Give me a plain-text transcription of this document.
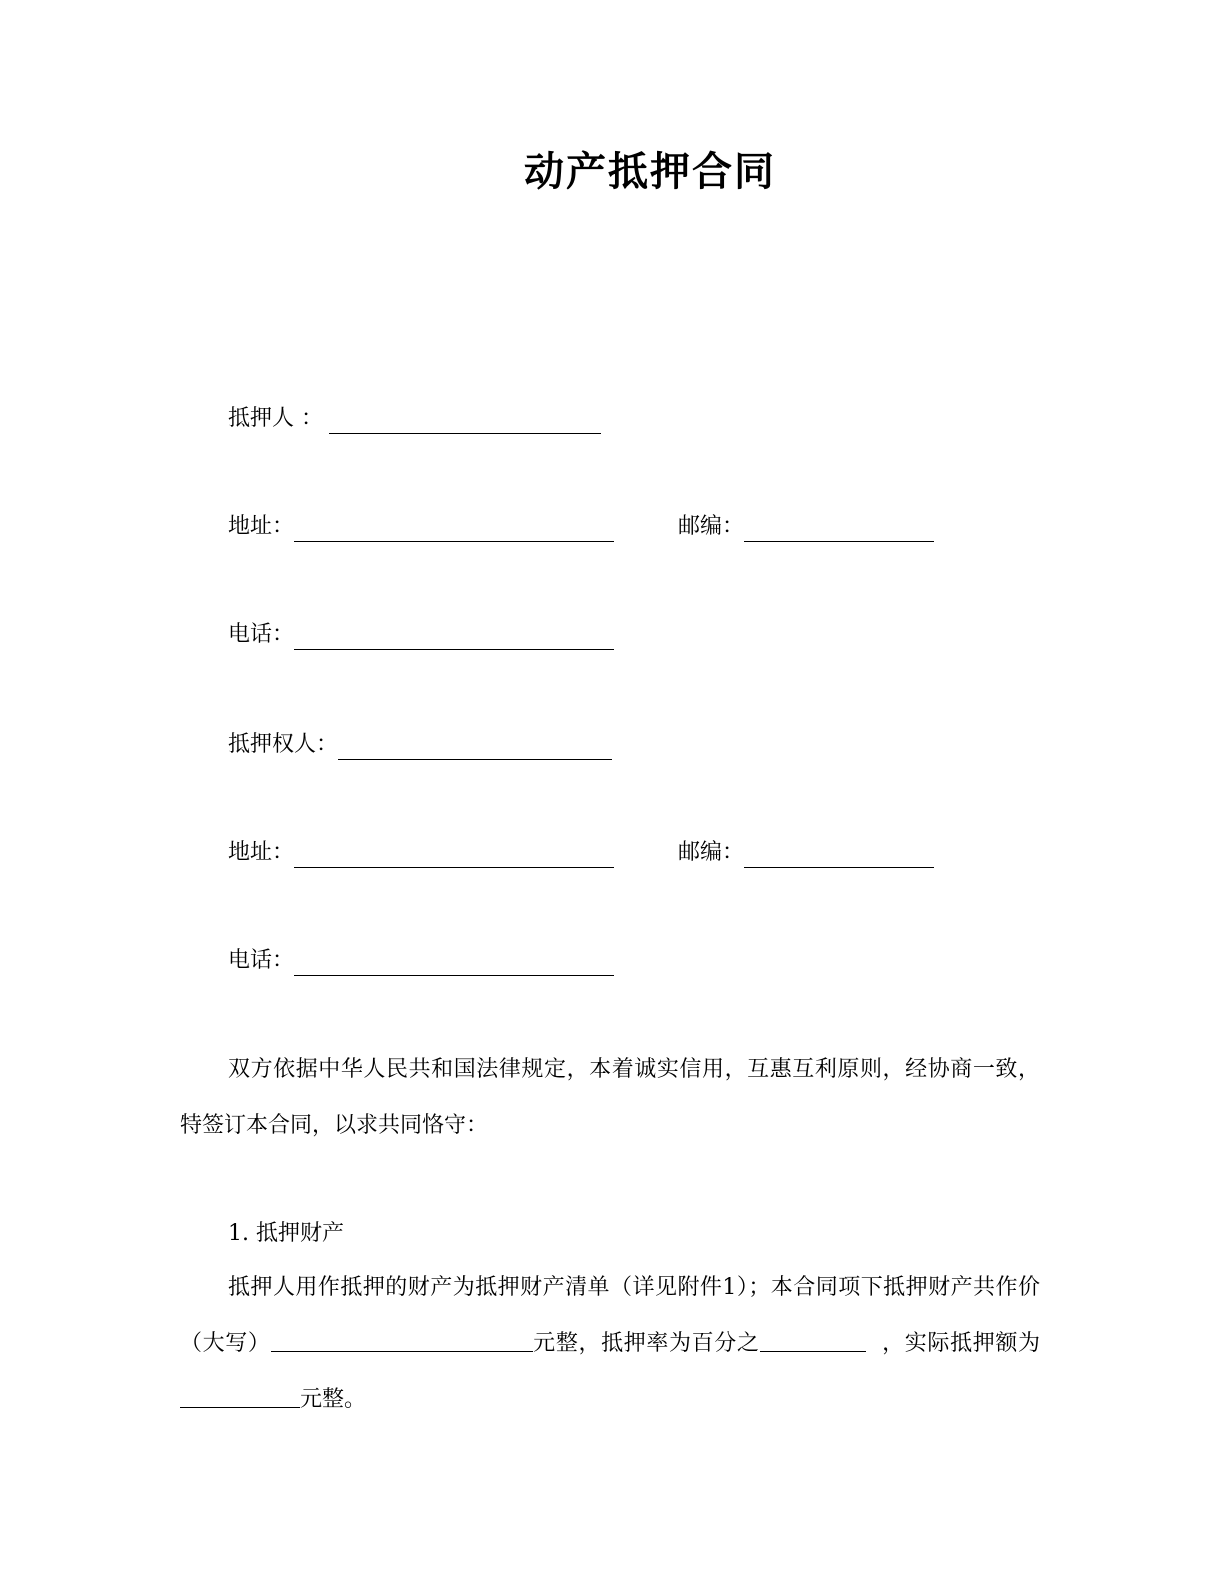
动产抵押合同
抵押人 ：
地址：	邮编：
电话：
抵押权人：
地址：	邮编：
电话：
双方依据中华人民共和国法律规定，本着诚实信用，互惠互利原则，经协商一致，特签订本合同，以求共同恪守：
1. 抵押财产
抵押人用作抵押的财产为抵押财产清单（详见附件1）；本合同项下抵押财产共作价（大写）	元整，抵押率为百分之	，实际抵押额为元整。
